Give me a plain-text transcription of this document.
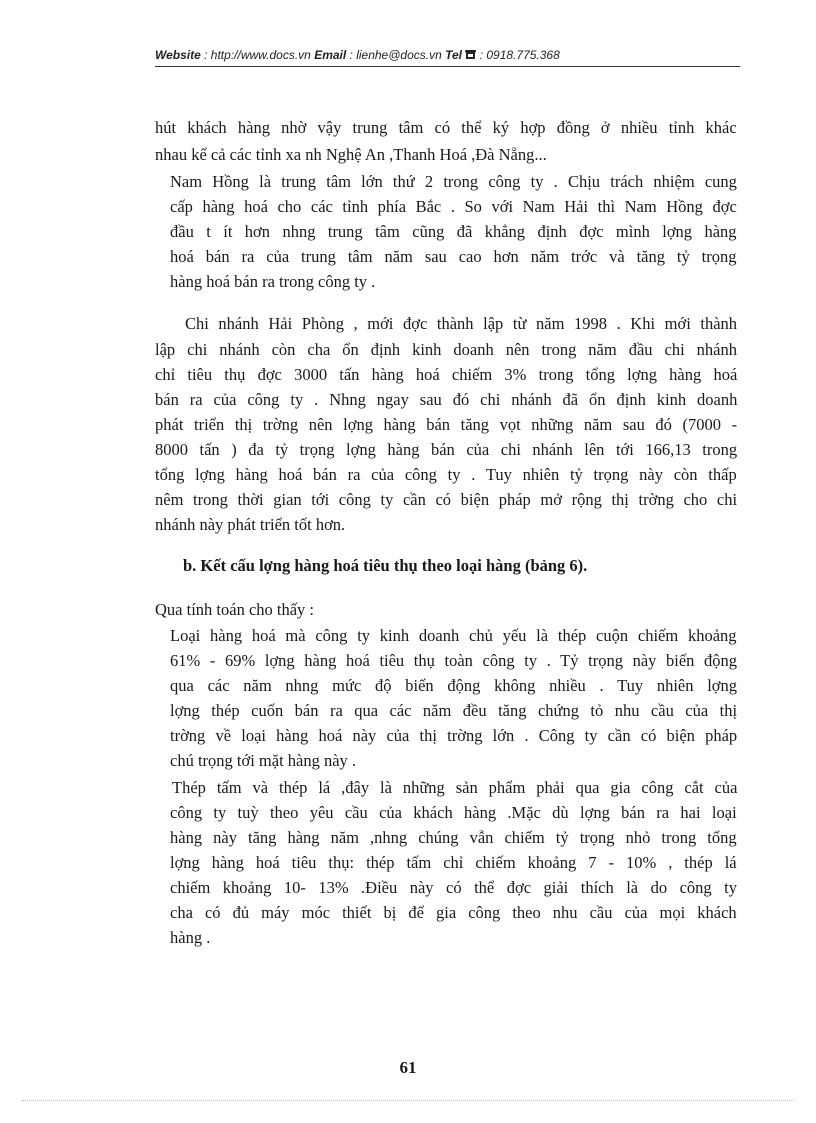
Website : http://www.docs.vn Email : lienhe@docs.vn Tel  : 0918.775.368
hút khách hàng nhờ vậy trung tâm có thể ký hợp đồng ở nhiều tỉnh khác
nhau kể cả các tỉnh xa nh Nghệ An ,Thanh Hoá ,Đà Nẵng...
Nam Hồng là trung tâm lớn thứ 2 trong công ty . Chịu trách nhiệm cung
cấp hàng hoá cho các tỉnh phía Bắc . So với Nam Hải thì Nam Hồng đợc
đầu t ít hơn nhng trung tâm cũng đã khẳng định đợc mình lợng hàng
hoá bán ra của trung tâm năm sau cao hơn năm trớc và tăng tỷ trọng
hàng hoá bán ra trong công ty .
Chi nhánh Hải Phòng , mới đợc thành lập từ năm 1998 . Khi mới thành
lập chi nhánh còn cha ổn định kinh doanh nên trong năm đầu chi nhánh
chỉ tiêu thụ đợc 3000 tấn hàng hoá chiếm 3% trong tổng lợng hàng hoá
bán ra của công ty . Nhng ngay sau đó chi nhánh đã ổn định kinh doanh
phát triển thị trờng nên lợng hàng bán tăng vọt những năm sau đó (7000 -
8000 tấn ) đa tỷ trọng lợng hàng bán của chi nhánh lên tới 166,13 trong
tổng lợng hàng hoá bán ra của công ty . Tuy nhiên tỷ trọng này còn thấp
nêm trong thời gian tới công ty cần có biện pháp mở rộng thị trờng cho chi
nhánh này phát triển tốt hơn.
b. Kết cấu lợng hàng hoá tiêu thụ theo loại hàng (bảng 6).
Qua tính toán cho thấy :
Loại hàng hoá mà công ty kinh doanh chủ yếu là thép cuộn chiếm khoảng
61% - 69% lợng hàng hoá tiêu thụ toàn công ty . Tỷ trọng này biến động
qua các năm nhng mức độ biến động không nhiều . Tuy nhiên lợng
lợng thép cuốn bán ra qua các năm đều tăng chứng tỏ nhu cầu của thị
trờng về loại hàng hoá này của thị trờng lớn . Công ty cần có biện pháp
chú trọng tới mặt hàng này .
Thép tấm và thép lá ,đây là những sản phẩm phải qua gia công cắt của
công ty tuỳ theo yêu cầu của khách hàng .Mặc dù lợng bán ra hai loại
hàng này tăng hàng năm ,nhng chúng vẫn chiếm tỷ trọng nhỏ trong tổng
lợng hàng hoá tiêu thụ: thép tấm chỉ chiếm khoảng 7 - 10% , thép lá
chiếm khoảng 10- 13% .Điều này có thể đợc giải thích là do công ty
cha có đủ máy móc thiết bị để gia công theo nhu cầu của mọi khách
hàng .
61
